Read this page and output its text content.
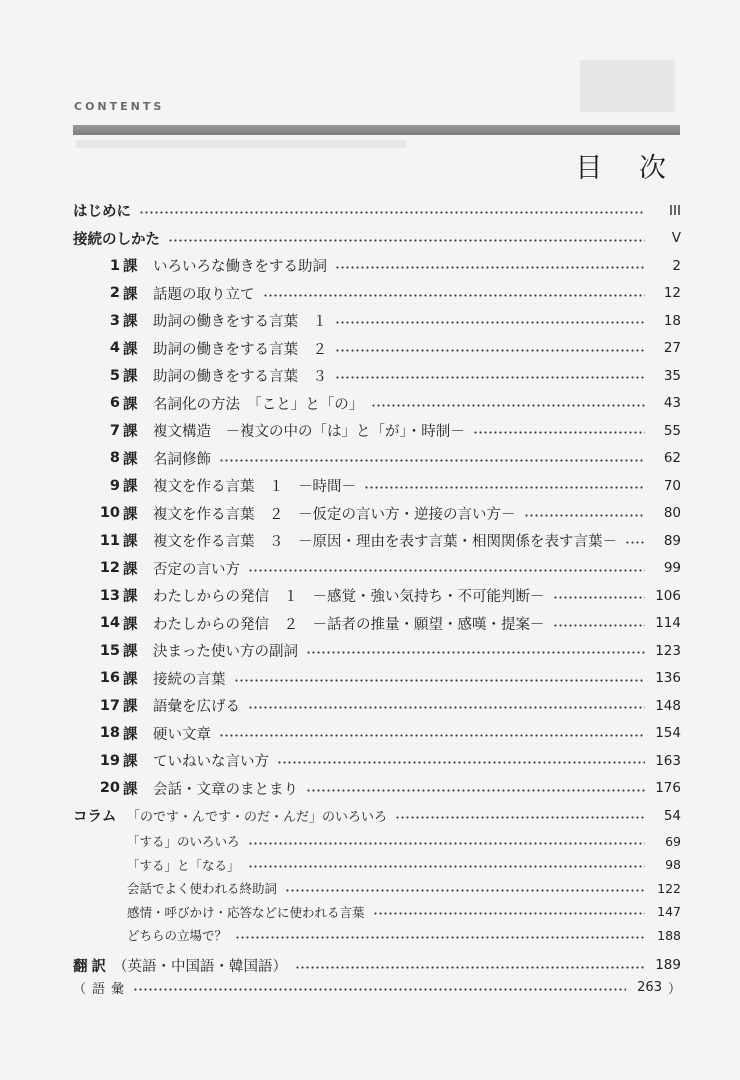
CONTENTS
目 次
はじめに	III
接続のしかた	V
1 課	いろいろな働きをする助詞	2
2 課	話題の取り立て	12
3 課	助詞の働きをする言葉　１	18
4 課	助詞の働きをする言葉　２	27
5 課	助詞の働きをする言葉　３	35
6 課	名詞化の方法　「こと」と「の」	43
7 課	複文構造　－複文の中の「は」と「が」・時制－	55
8 課	名詞修飾	62
9 課	複文を作る言葉　１　－時間－	70
10 課	複文を作る言葉　２　－仮定の言い方・逆接の言い方－	80
11 課	複文を作る言葉　３　－原因・理由を表す言葉・相関関係を表す言葉－	89
12 課	否定の言い方	99
13 課	わたしからの発信　１　－感覚・強い気持ち・不可能判断－	106
14 課	わたしからの発信　２　－話者の推量・願望・感嘆・提案－	114
15 課	決まった使い方の副詞	123
16 課	接続の言葉	136
17 課	語彙を広げる	148
18 課	硬い文章	154
19 課	ていねいな言い方	163
20 課	会話・文章のまとまり	176
コラム 「のです・んです・のだ・んだ」のいろいろ	54
「する」のいろいろ	69
「する」と「なる」	98
会話でよく使われる終助詞	122
感情・呼びかけ・応答などに使われる言葉	147
どちらの立場で？	188
翻訳 （英語・中国語・韓国語）	189
（語彙	263 ）
